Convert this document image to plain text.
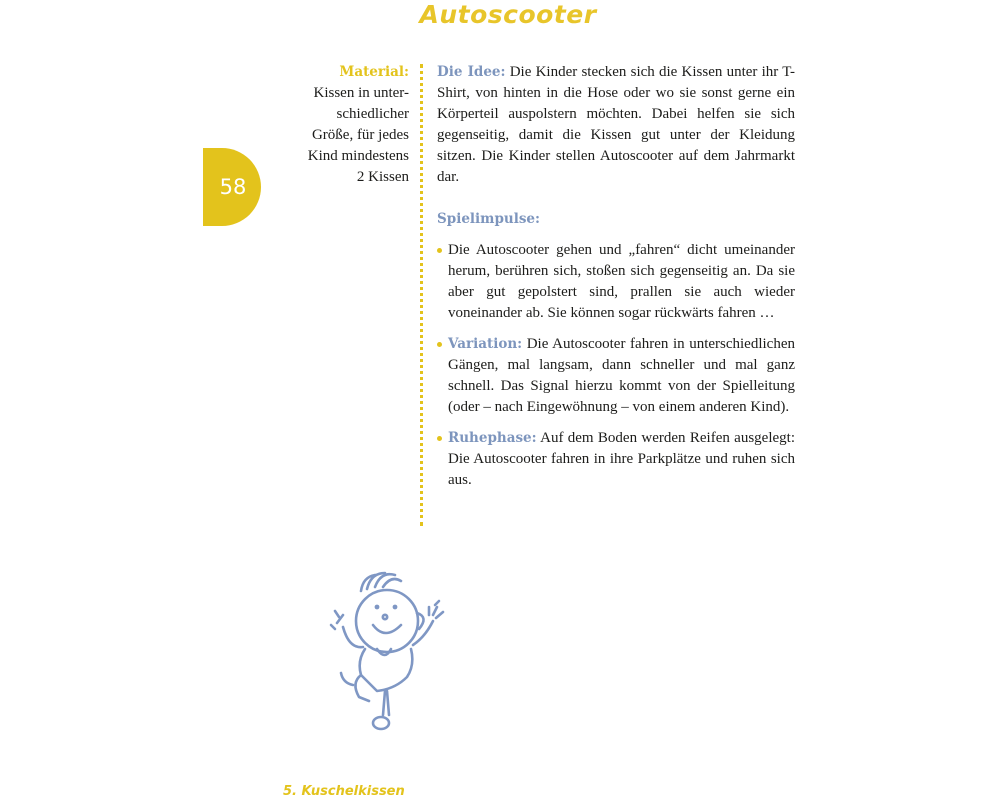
Autoscooter
58
Material:
Kissen in unter-
schiedlicher
Größe, für jedes
Kind mindestens
2 Kissen

Die Idee: Die Kinder stecken sich die Kissen unter ihr T-Shirt, von hinten in die Hose oder wo sie sonst gerne ein Körperteil auspolstern möchten. Dabei helfen sie sich gegenseitig, damit die Kissen gut unter der Kleidung sitzen. Die Kinder stellen Autoscooter auf dem Jahrmarkt dar.

Spielimpulse:

Die Autoscooter gehen und „fahren“ dicht umeinander herum, berühren sich, stoßen sich gegenseitig an. Da sie aber gut gepolstert sind, prallen sie auch wieder voneinander ab. Sie können sogar rückwärts fahren …

Variation: Die Autoscooter fahren in unterschiedlichen Gängen, mal langsam, dann schneller und mal ganz schnell. Das Signal hierzu kommt von der Spielleitung (oder – nach Eingewöhnung – von einem anderen Kind).

Ruhephase: Auf dem Boden werden Reifen ausgelegt: Die Autoscooter fahren in ihre Parkplätze und ruhen sich aus.

5. Kuschelkissen
